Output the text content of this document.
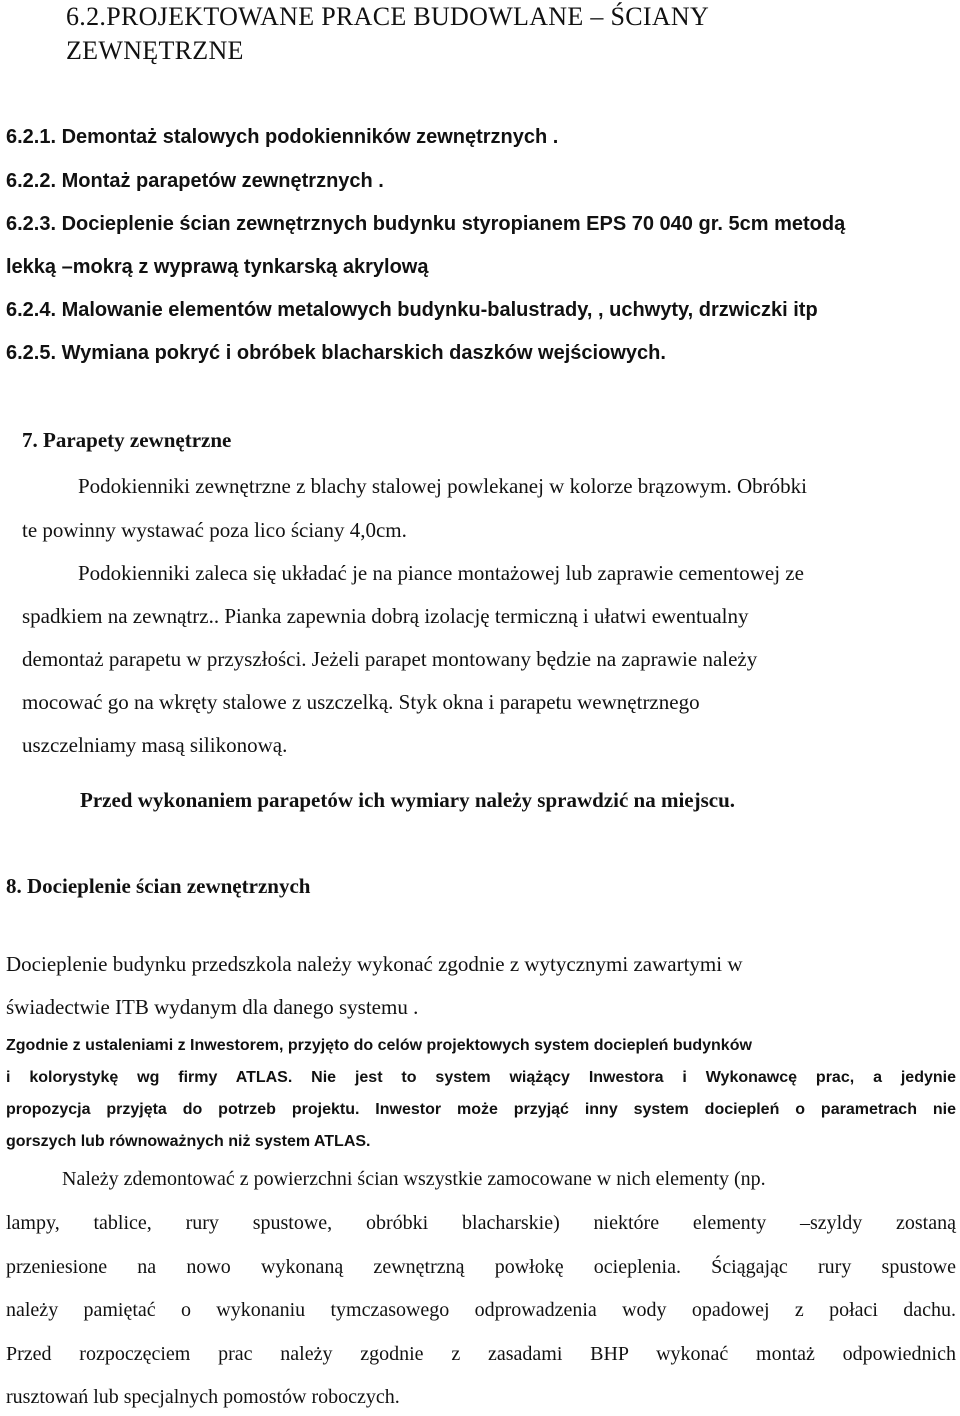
6.2.PROJEKTOWANE PRACE BUDOWLANE – ŚCIANY
ZEWNĘTRZNE
6.2.1. Demontaż stalowych podokienników zewnętrznych .
6.2.2. Montaż parapetów zewnętrznych .
6.2.3. Docieplenie ścian zewnętrznych budynku styropianem EPS 70 040 gr. 5cm metodą
lekką –mokrą z wyprawą tynkarską akrylową
6.2.4. Malowanie elementów metalowych budynku-balustrady, , uchwyty, drzwiczki itp
6.2.5. Wymiana pokryć i obróbek blacharskich daszków wejściowych.
7. Parapety zewnętrzne
Podokienniki zewnętrzne z blachy stalowej powlekanej w kolorze brązowym. Obróbki
te powinny wystawać poza lico ściany 4,0cm.
Podokienniki zaleca się układać je na piance montażowej lub zaprawie cementowej ze
spadkiem na zewnątrz.. Pianka zapewnia dobrą izolację termiczną i ułatwi ewentualny
demontaż parapetu w przyszłości. Jeżeli parapet montowany będzie na zaprawie należy
mocować go na wkręty stalowe z uszczelką. Styk okna i parapetu wewnętrznego
uszczelniamy masą silikonową.
Przed wykonaniem parapetów ich wymiary należy sprawdzić na miejscu.
8. Docieplenie ścian zewnętrznych
Docieplenie budynku przedszkola należy wykonać zgodnie z wytycznymi zawartymi w
świadectwie ITB wydanym dla danego systemu .
Zgodnie z ustaleniami z Inwestorem, przyjęto do celów projektowych system dociepleń budynków
i kolorystykę wg firmy ATLAS. Nie jest to system wiążący Inwestora i Wykonawcę prac, a jedynie
propozycja przyjęta do potrzeb projektu. Inwestor może przyjąć inny system dociepleń o parametrach nie
gorszych lub równoważnych niż system ATLAS.
Należy zdemontować z powierzchni ścian wszystkie zamocowane w nich elementy (np.
lampy, tablice, rury spustowe, obróbki blacharskie) niektóre elementy –szyldy zostaną
przeniesione na nowo wykonaną zewnętrzną powłokę ocieplenia. Ściągając rury spustowe
należy pamiętać o wykonaniu tymczasowego odprowadzenia wody opadowej z połaci dachu.
Przed rozpoczęciem prac należy zgodnie z zasadami BHP wykonać montaż odpowiednich
rusztowań lub specjalnych pomostów roboczych.
